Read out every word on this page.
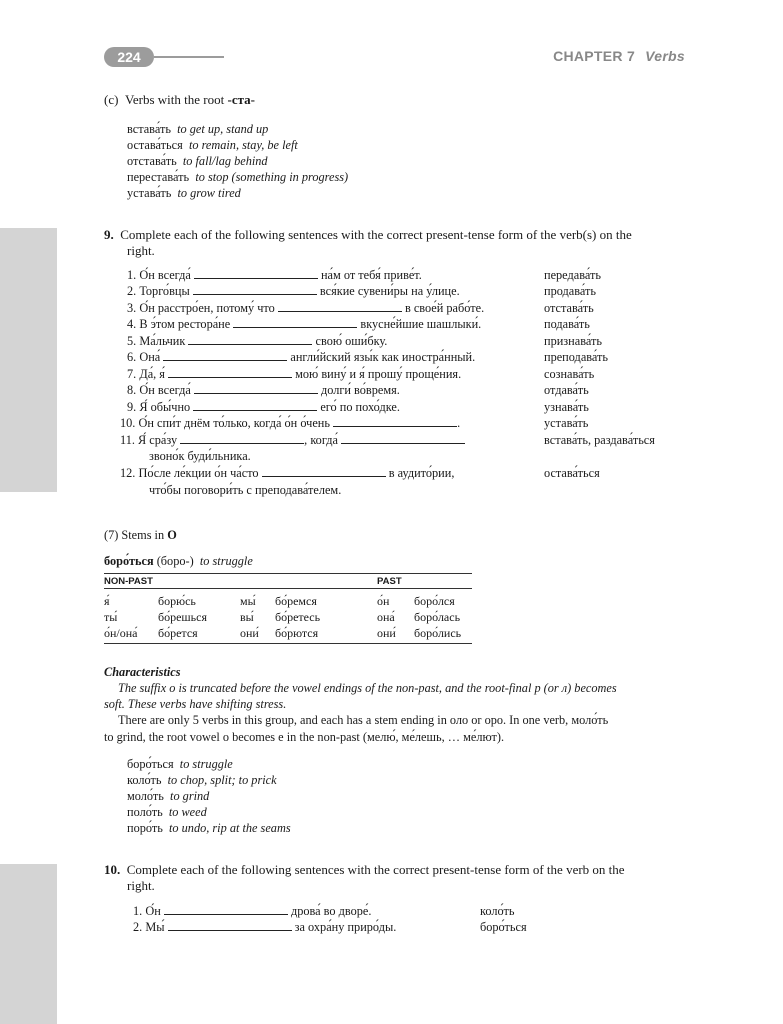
224	CHAPTER 7 Verbs
(c) Verbs with the root -ста-
встава́ть to get up, stand up
остава́ться to remain, stay, be left
отстава́ть to fall/lag behind
перестава́ть to stop (something in progress)
устава́ть to grow tired
9. Complete each of the following sentences with the correct present-tense form of the verb(s) on the
right.
1. О́н всегда́	на́м от тебя́ приве́т.	передава́ть
2. Торго́вцы	вся́кие сувени́ры на у́лице.	продава́ть
3. О́н расстро́ен, потому́ что	в свое́й рабо́те.	отстава́ть
4. В э́том рестора́не	вкусне́йшие шашлыки́.	подава́ть
5. Ма́льчик	свою́ оши́бку.	признава́ть
6. Она́	англи́йский язы́к как иностра́нный.	преподава́ть
7. Да́, я́	мою́ вину́ и я́ прошу́ проще́ния.	сознава́ть
8. О́н всегда́	долги́ во́время.	отдава́ть
9. Я́ обы́чно	его́ по похо́дке.	узнава́ть
10. О́н спи́т днём то́лько, когда́ о́н о́чень	.	устава́ть
11. Я́ сра́зу	, когда́	встава́ть, раздава́ться
звоно́к буди́льника.
12. По́сле ле́кции о́н ча́сто	в аудито́рии,	остава́ться
что́бы поговори́ть с преподава́телем.
(7) Stems in О
боро́ться (боро-) to struggle
NON-PAST				PAST	
я́	борю́сь	мы́	бо́ремся	о́н	боро́лся
ты́	бо́решься	вы́	бо́ретесь	она́	боро́лась
о́н/она́	бо́рется	они́	бо́рются	они́	боро́лись
Characteristics
The suffix о is truncated before the vowel endings of the non-past, and the root-final р (or л) becomes
soft. These verbs have shifting stress.
There are only 5 verbs in this group, and each has a stem ending in оло or оро. In one verb, моло́ть
to grind, the root vowel о becomes е in the non-past (мелю́, ме́лешь, … ме́лют).
боро́ться to struggle
коло́ть to chop, split; to prick
моло́ть to grind
поло́ть to weed
поро́ть to undo, rip at the seams
10. Complete each of the following sentences with the correct present-tense form of the verb on the
right.
1. О́н	дрова́ во дворе́.	коло́ть
2. Мы́	за охра́ну приро́ды.	боро́ться
